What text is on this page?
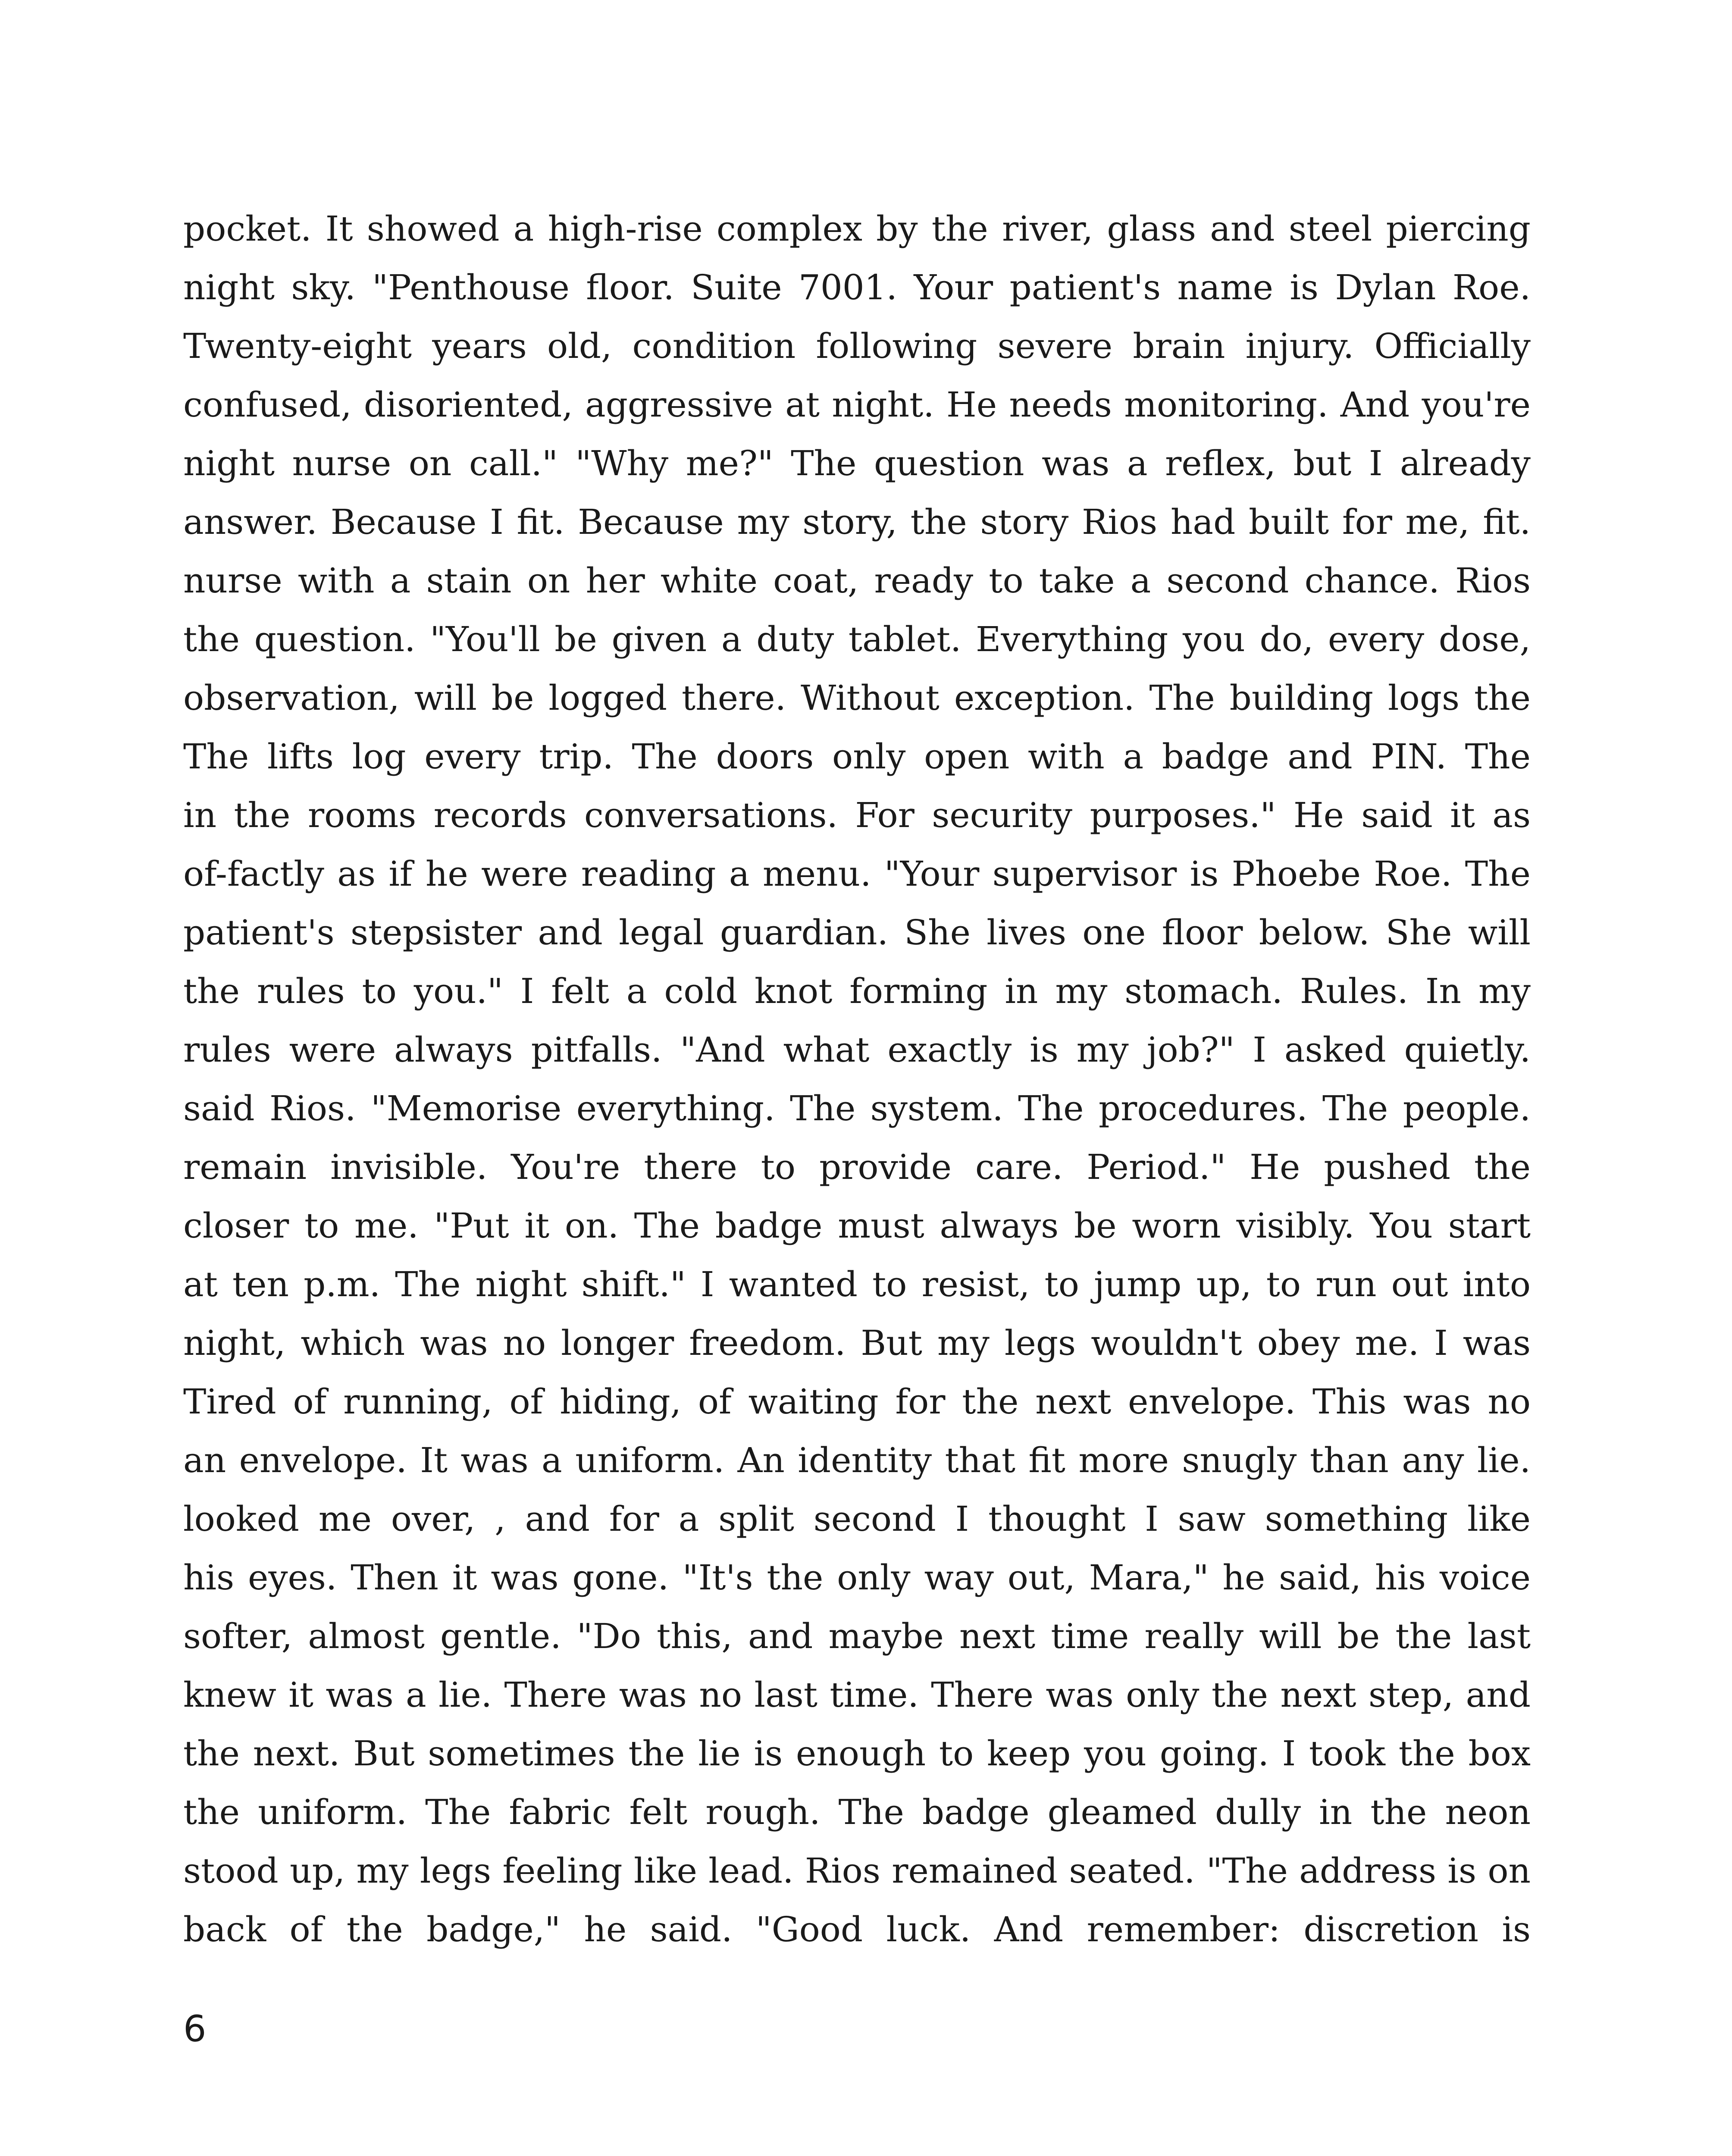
pocket. It showed a high-rise complex by the river, glass and steel piercing
night sky. "Penthouse floor. Suite 7001. Your patient's name is Dylan Roe.
Twenty-eight years old, condition following severe brain injury. Officially
confused, disoriented, aggressive at night. He needs monitoring. And you're
night nurse on call." "Why me?" The question was a reflex, but I already
answer. Because I fit. Because my story, the story Rios had built for me, fit.
nurse with a stain on her white coat, ready to take a second chance. Rios
the question. "You'll be given a duty tablet. Everything you do, every dose,
observation, will be logged there. Without exception. The building logs the
The lifts log every trip. The doors only open with a badge and PIN. The
in the rooms records conversations. For security purposes." He said it as
of-factly as if he were reading a menu. "Your supervisor is Phoebe Roe. The
patient's stepsister and legal guardian. She lives one floor below. She will
the rules to you." I felt a cold knot forming in my stomach. Rules. In my
rules were always pitfalls. "And what exactly is my job?" I asked quietly.
said Rios. "Memorise everything. The system. The procedures. The people.
remain invisible. You're there to provide care. Period." He pushed the
closer to me. "Put it on. The badge must always be worn visibly. You start
at ten p.m. The night shift." I wanted to resist, to jump up, to run out into
night, which was no longer freedom. But my legs wouldn't obey me. I was
Tired of running, of hiding, of waiting for the next envelope. This was no
an envelope. It was a uniform. An identity that fit more snugly than any lie.
looked me over, , and for a split second I thought I saw something like
his eyes. Then it was gone. "It's the only way out, Mara," he said, his voice
softer, almost gentle. "Do this, and maybe next time really will be the last
knew it was a lie. There was no last time. There was only the next step, and
the next. But sometimes the lie is enough to keep you going. I took the box
the uniform. The fabric felt rough. The badge gleamed dully in the neon
stood up, my legs feeling like lead. Rios remained seated. "The address is on
back of the badge," he said. "Good luck. And remember: discretion is
6
